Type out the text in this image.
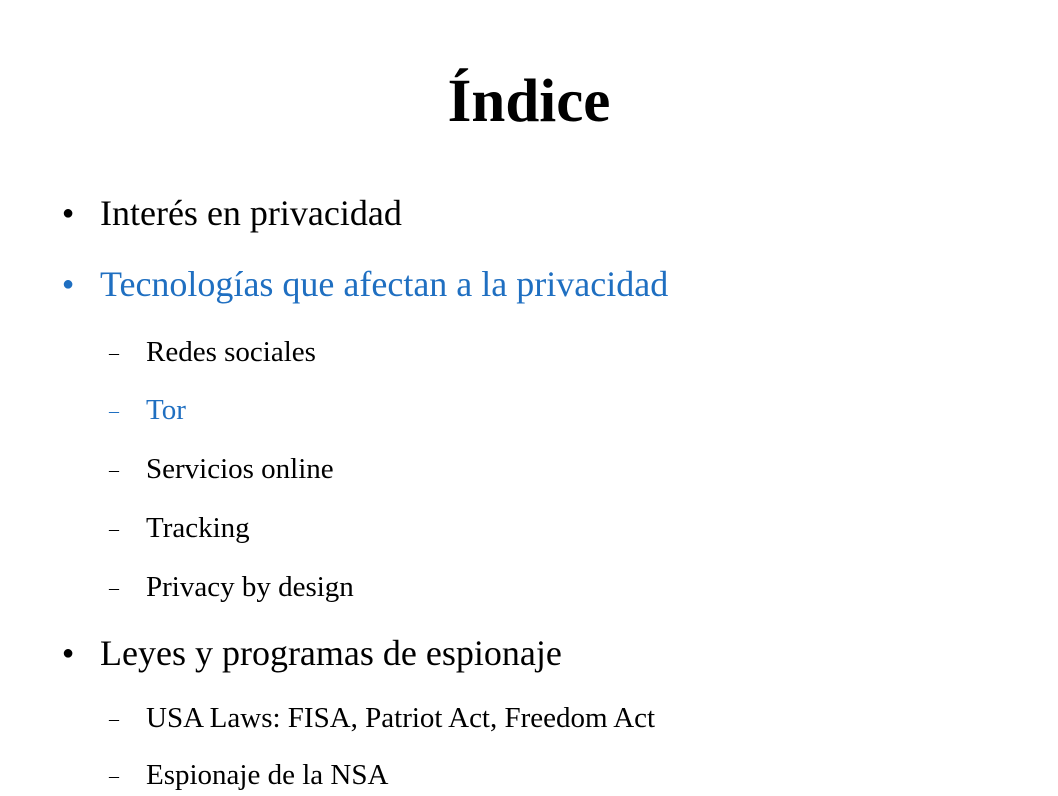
Índice
● Interés en privacidad
● Tecnologías que afectan a la privacidad
– Redes sociales
– Tor
– Servicios online
– Tracking
– Privacy by design
● Leyes y programas de espionaje
– USA Laws: FISA, Patriot Act, Freedom Act
– Espionaje de la NSA
